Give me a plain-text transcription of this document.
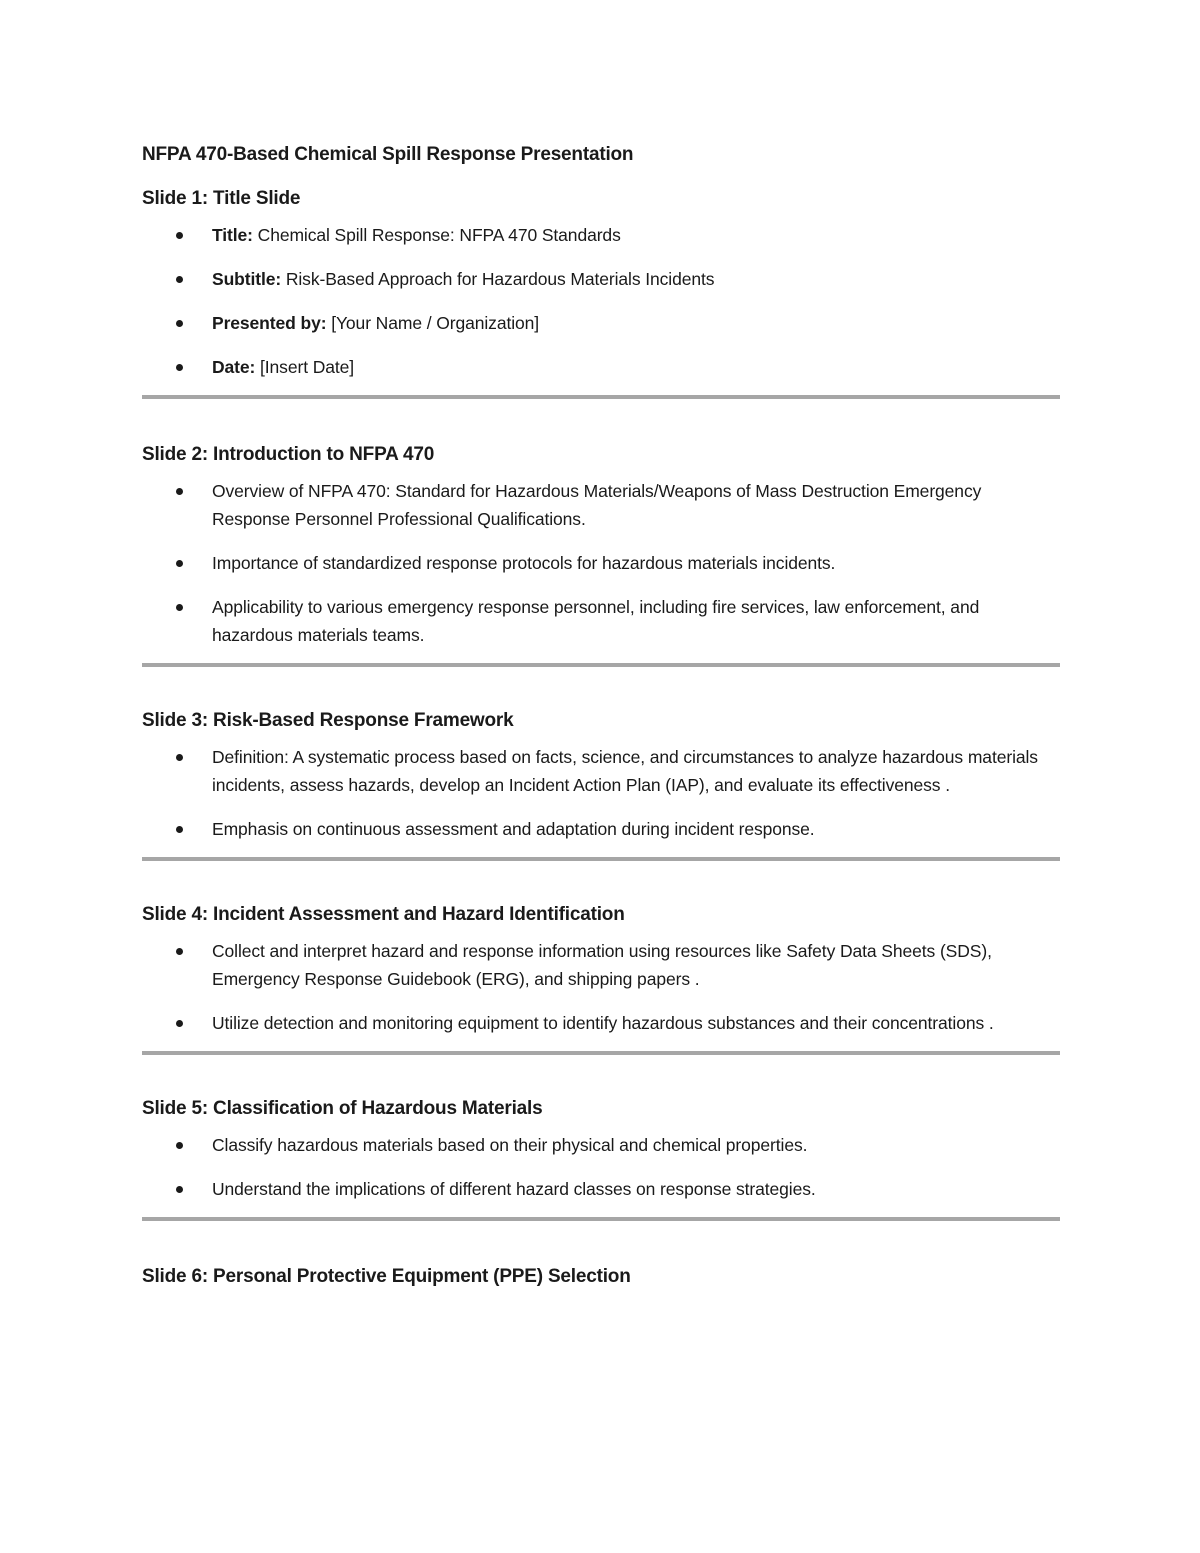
NFPA 470-Based Chemical Spill Response Presentation
Slide 1: Title Slide
Title: Chemical Spill Response: NFPA 470 Standards
Subtitle: Risk-Based Approach for Hazardous Materials Incidents
Presented by: [Your Name / Organization]
Date: [Insert Date]
Slide 2: Introduction to NFPA 470
Overview of NFPA 470: Standard for Hazardous Materials/Weapons of Mass Destruction Emergency Response Personnel Professional Qualifications.
Importance of standardized response protocols for hazardous materials incidents.
Applicability to various emergency response personnel, including fire services, law enforcement, and hazardous materials teams.
Slide 3: Risk-Based Response Framework
Definition: A systematic process based on facts, science, and circumstances to analyze hazardous materials incidents, assess hazards, develop an Incident Action Plan (IAP), and evaluate its effectiveness .
Emphasis on continuous assessment and adaptation during incident response.
Slide 4: Incident Assessment and Hazard Identification
Collect and interpret hazard and response information using resources like Safety Data Sheets (SDS), Emergency Response Guidebook (ERG), and shipping papers .
Utilize detection and monitoring equipment to identify hazardous substances and their concentrations .
Slide 5: Classification of Hazardous Materials
Classify hazardous materials based on their physical and chemical properties.
Understand the implications of different hazard classes on response strategies.
Slide 6: Personal Protective Equipment (PPE) Selection
